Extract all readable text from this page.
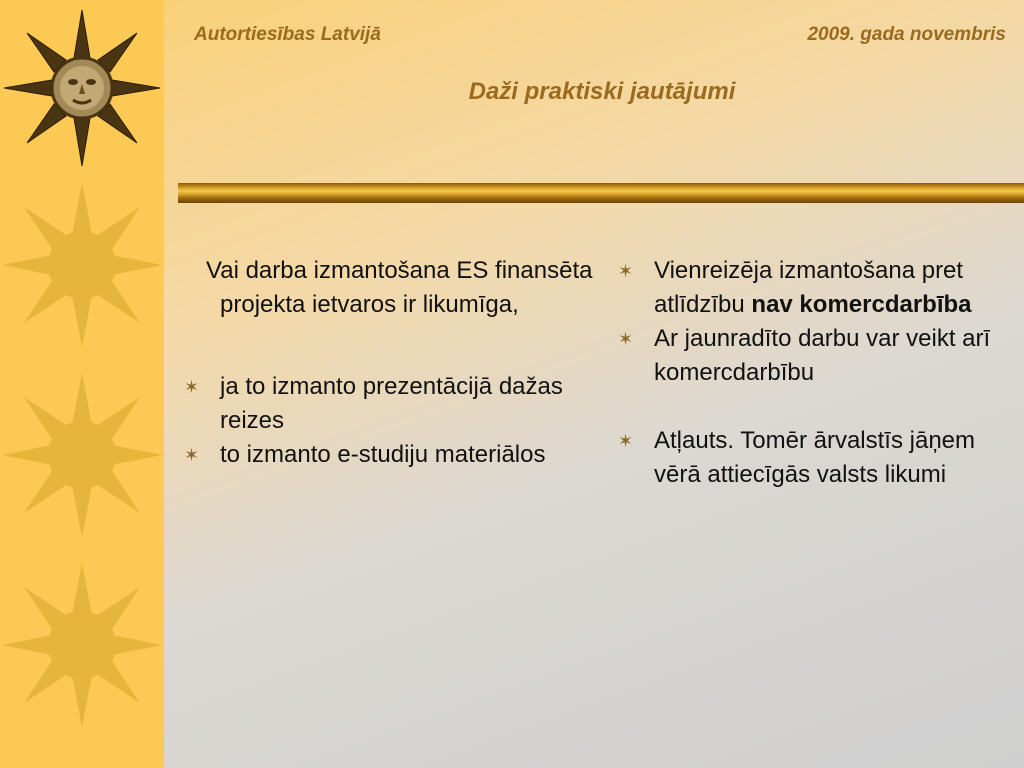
Autortiesības Latvijā	2009. gada novembris
Daži praktiski jautājumi

Vai darba izmantošana ES finansēta projekta ietvaros ir likumīga,

✶ ja to izmanto prezentācijā dažas reizes

✶ to izmanto e-studiju materiālos

✶ Vienreizēja izmantošana pret atlīdzību nav komercdarbība

✶ Ar jaunradīto darbu var veikt arī komercdarbību

✶ Atļauts. Tomēr ārvalstīs jāņem vērā attiecīgās valsts likumi
